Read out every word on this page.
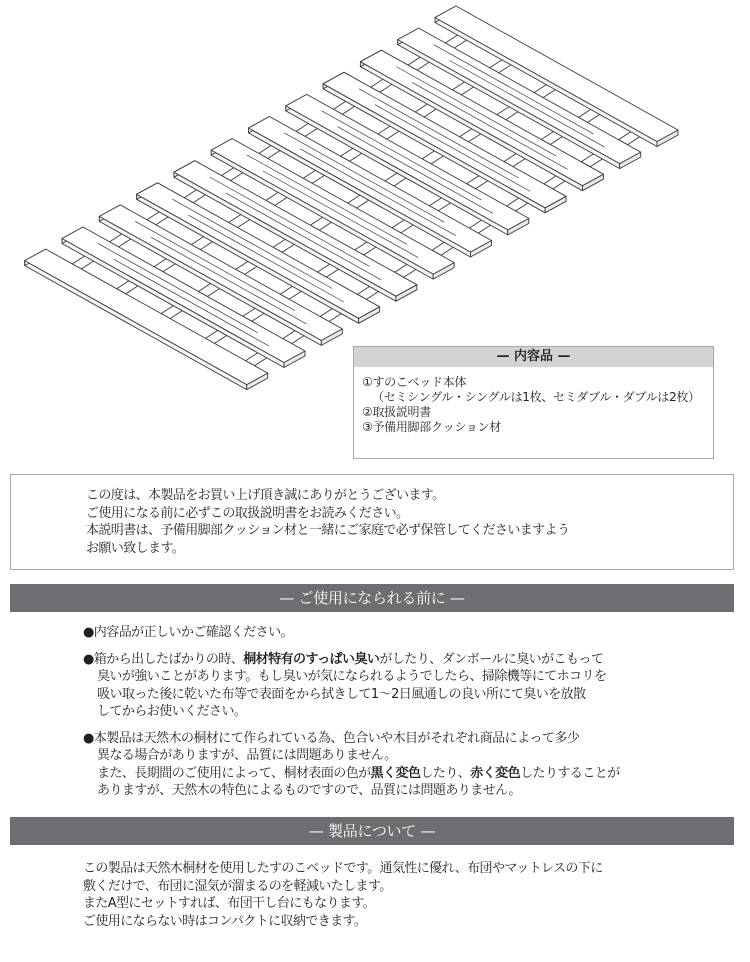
— 内容品 —
①すのこベッド本体
（セミシングル・シングルは1枚、セミダブル・ダブルは2枚）
②取扱説明書
③予備用脚部クッション材
この度は、本製品をお買い上げ頂き誠にありがとうございます。
ご使用になる前に必ずこの取扱説明書をお読みください。
本説明書は、予備用脚部クッション材と一緒にご家庭で必ず保管してくださいますよう
お願い致します。
— ご使用になられる前に —
●内容品が正しいかご確認ください。
●箱から出したばかりの時、桐材特有のすっぱい臭いがしたり、ダンボールに臭いがこもって
臭いが強いことがあります。もし臭いが気になられるようでしたら、掃除機等にてホコリを
吸い取った後に乾いた布等で表面をから拭きして1〜2日風通しの良い所にて臭いを放散
してからお使いください。
●本製品は天然木の桐材にて作られている為、色合いや木目がそれぞれ商品によって多少
異なる場合がありますが、品質には問題ありません。
また、長期間のご使用によって、桐材表面の色が黒く変色したり、赤く変色したりすることが
ありますが、天然木の特色によるものですので、品質には問題ありません。
— 製品について —
この製品は天然木桐材を使用したすのこベッドです。通気性に優れ、布団やマットレスの下に
敷くだけで、布団に湿気が溜まるのを軽減いたします。
またA型にセットすれば、布団干し台にもなります。
ご使用にならない時はコンパクトに収納できます。
